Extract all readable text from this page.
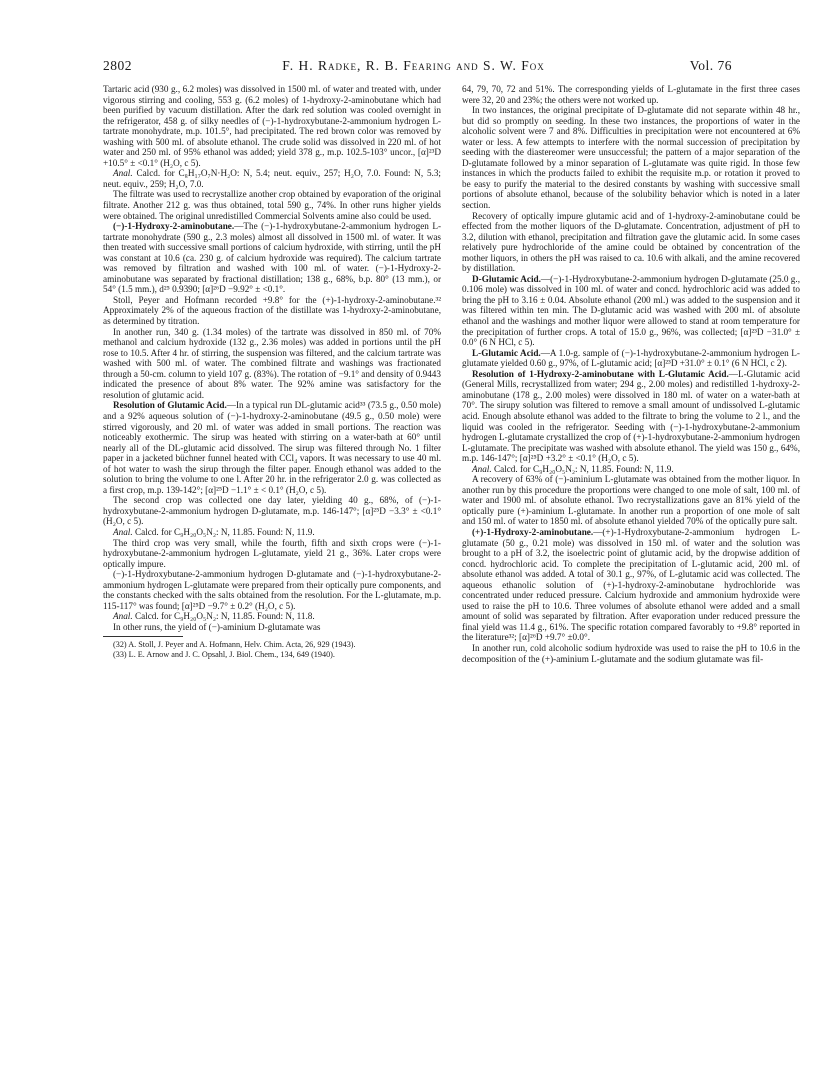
2802	F. H. Radke, R. B. Fearing and S. W. Fox	Vol. 76

Tartaric acid (930 g., 6.2 moles) was dissolved in 1500 ml. of water and treated with, under vigorous stirring and cooling, 553 g. (6.2 moles) of 1-hydroxy-2-aminobutane which had been purified by vacuum distillation. After the dark red solution was cooled overnight in the refrigerator, 458 g. of silky needles of (−)-1-hydroxybutane-2-ammonium hydrogen L-tartrate monohydrate, m.p. 101.5°, had precipitated. The red brown color was removed by washing with 500 ml. of absolute ethanol. The crude solid was dissolved in 220 ml. of hot water and 250 ml. of 95% ethanol was added; yield 378 g., m.p. 102.5-103° uncor., [α]²³D +10.5° ± <0.1° (H₂O, c 5).

Anal. Calcd. for C₈H₁₇O₇N·H₂O: N, 5.4; neut. equiv., 257; H₂O, 7.0. Found: N, 5.3; neut. equiv., 259; H₂O, 7.0.

The filtrate was used to recrystallize another crop obtained by evaporation of the original filtrate. Another 212 g. was thus obtained, total 590 g., 74%. In other runs higher yields were obtained. The original unredistilled Commercial Solvents amine also could be used.

(−)-1-Hydroxy-2-aminobutane.—The (−)-1-hydroxybutane-2-ammonium hydrogen L-tartrate monohydrate (590 g., 2.3 moles) almost all dissolved in 1500 ml. of water. It was then treated with successive small portions of calcium hydroxide, with stirring, until the pH was constant at 10.6 (ca. 230 g. of calcium hydroxide was required). The calcium tartrate was removed by filtration and washed with 100 ml. of water. (−)-1-Hydroxy-2-aminobutane was separated by fractional distillation; 138 g., 68%, b.p. 80° (13 mm.), or 54° (1.5 mm.), d²⁵ 0.9390; [α]²⁶D −9.92° ± <0.1°.

Stoll, Peyer and Hofmann recorded +9.8° for the (+)-1-hydroxy-2-aminobutane.³² Approximately 2% of the aqueous fraction of the distillate was 1-hydroxy-2-aminobutane, as determined by titration.

In another run, 340 g. (1.34 moles) of the tartrate was dissolved in 850 ml. of 70% methanol and calcium hydroxide (132 g., 2.36 moles) was added in portions until the pH rose to 10.5. After 4 hr. of stirring, the suspension was filtered, and the calcium tartrate was washed with 500 ml. of water. The combined filtrate and washings was fractionated through a 50-cm. column to yield 107 g. (83%). The rotation of −9.1° and density of 0.9443 indicated the presence of about 8% water. The 92% amine was satisfactory for the resolution of glutamic acid.

Resolution of Glutamic Acid.—In a typical run DL-glutamic acid³³ (73.5 g., 0.50 mole) and a 92% aqueous solution of (−)-1-hydroxy-2-aminobutane (49.5 g., 0.50 mole) were stirred vigorously, and 20 ml. of water was added in small portions. The reaction was noticeably exothermic. The sirup was heated with stirring on a water-bath at 60° until nearly all of the DL-glutamic acid dissolved. The sirup was filtered through No. 1 filter paper in a jacketed büchner funnel heated with CCl₄ vapors. It was necessary to use 40 ml. of hot water to wash the sirup through the filter paper. Enough ethanol was added to the solution to bring the volume to one l. After 20 hr. in the refrigerator 2.0 g. was collected as a first crop, m.p. 139-142°; [α]²⁵D −1.1° ± < 0.1° (H₂O, c 5).

The second crop was collected one day later, yielding 40 g., 68%, of (−)-1-hydroxybutane-2-ammonium hydrogen D-glutamate, m.p. 146-147°; [α]²⁵D −3.3° ± <0.1° (H₂O, c 5).

Anal. Calcd. for C₉H₂₀O₅N₂: N, 11.85. Found: N, 11.9.

The third crop was very small, while the fourth, fifth and sixth crops were (−)-1-hydroxybutane-2-ammonium hydrogen L-glutamate, yield 21 g., 36%. Later crops were optically impure.

(−)-1-Hydroxybutane-2-ammonium hydrogen D-glutamate and (−)-1-hydroxybutane-2-ammonium hydrogen L-glutamate were prepared from their optically pure components, and the constants checked with the salts obtained from the resolution. For the L-glutamate, m.p. 115-117° was found; [α]²⁵D −9.7° ± 0.2° (H₂O, c 5).

Anal. Calcd. for C₉H₂₀O₅N₂: N, 11.85. Found: N, 11.8.

In other runs, the yield of (−)-aminium D-glutamate was

(32) A. Stoll, J. Peyer and A. Hofmann, Helv. Chim. Acta, 26, 929 (1943).
(33) L. E. Arnow and J. C. Opsahl, J. Biol. Chem., 134, 649 (1940).

64, 79, 70, 72 and 51%. The corresponding yields of L-glutamate in the first three cases were 32, 20 and 23%; the others were not worked up.

In two instances, the original precipitate of D-glutamate did not separate within 48 hr., but did so promptly on seeding. In these two instances, the proportions of water in the alcoholic solvent were 7 and 8%. Difficulties in precipitation were not encountered at 6% water or less. A few attempts to interfere with the normal succession of precipitation by seeding with the diastereomer were unsuccessful; the pattern of a major separation of the D-glutamate followed by a minor separation of L-glutamate was quite rigid. In those few instances in which the products failed to exhibit the requisite m.p. or rotation it proved to be easy to purify the material to the desired constants by washing with successive small portions of absolute ethanol, because of the solubility behavior which is noted in a later section.

Recovery of optically impure glutamic acid and of 1-hydroxy-2-aminobutane could be effected from the mother liquors of the D-glutamate. Concentration, adjustment of pH to 3.2, dilution with ethanol, precipitation and filtration gave the glutamic acid. In some cases relatively pure hydrochloride of the amine could be obtained by concentration of the mother liquors, in others the pH was raised to ca. 10.6 with alkali, and the amine recovered by distillation.

D-Glutamic Acid.—(−)-1-Hydroxybutane-2-ammonium hydrogen D-glutamate (25.0 g., 0.106 mole) was dissolved in 100 ml. of water and concd. hydrochloric acid was added to bring the pH to 3.16 ± 0.04. Absolute ethanol (200 ml.) was added to the suspension and it was filtered within ten min. The D-glutamic acid was washed with 200 ml. of absolute ethanol and the washings and mother liquor were allowed to stand at room temperature for the precipitation of further crops. A total of 15.0 g., 96%, was collected; [α]²³D −31.0° ± 0.0° (6 N HCl, c 5).

L-Glutamic Acid.—A 1.0-g. sample of (−)-1-hydroxybutane-2-ammonium hydrogen L-glutamate yielded 0.60 g., 97%, of L-glutamic acid; [α]²³D +31.0° ± 0.1° (6 N HCl, c 2).

Resolution of 1-Hydroxy-2-aminobutane with L-Glutamic Acid.—L-Glutamic acid (General Mills, recrystallized from water; 294 g., 2.00 moles) and redistilled 1-hydroxy-2-aminobutane (178 g., 2.00 moles) were dissolved in 180 ml. of water on a water-bath at 70°. The sirupy solution was filtered to remove a small amount of undissolved L-glutamic acid. Enough absolute ethanol was added to the filtrate to bring the volume to 2 l., and the liquid was cooled in the refrigerator. Seeding with (−)-1-hydroxybutane-2-ammonium hydrogen L-glutamate crystallized the crop of (+)-1-hydroxybutane-2-ammonium hydrogen L-glutamate. The precipitate was washed with absolute ethanol. The yield was 150 g., 64%, m.p. 146-147°; [α]²⁵D +3.2° ± <0.1° (H₂O, c 5).

Anal. Calcd. for C₉H₂₀O₅N₂: N, 11.85. Found: N, 11.9.

A recovery of 63% of (−)-aminium L-glutamate was obtained from the mother liquor. In another run by this procedure the proportions were changed to one mole of salt, 100 ml. of water and 1900 ml. of absolute ethanol. Two recrystallizations gave an 81% yield of the optically pure (+)-aminium L-glutamate. In another run a proportion of one mole of salt and 150 ml. of water to 1850 ml. of absolute ethanol yielded 70% of the optically pure salt.

(+)-1-Hydroxy-2-aminobutane.—(+)-1-Hydroxybutane-2-ammonium hydrogen L-glutamate (50 g., 0.21 mole) was dissolved in 150 ml. of water and the solution was brought to a pH of 3.2, the isoelectric point of glutamic acid, by the dropwise addition of concd. hydrochloric acid. To complete the precipitation of L-glutamic acid, 200 ml. of absolute ethanol was added. A total of 30.1 g., 97%, of L-glutamic acid was collected. The aqueous ethanolic solution of (+)-1-hydroxy-2-aminobutane hydrochloride was concentrated under reduced pressure. Calcium hydroxide and ammonium hydroxide were used to raise the pH to 10.6. Three volumes of absolute ethanol were added and a small amount of solid was separated by filtration. After evaporation under reduced pressure the final yield was 11.4 g., 61%. The specific rotation compared favorably to +9.8° reported in the literature³²; [α]²⁶D +9.7° ±0.0°.

In another run, cold alcoholic sodium hydroxide was used to raise the pH to 10.6 in the decomposition of the (+)-aminium L-glutamate and the sodium glutamate was fil-
